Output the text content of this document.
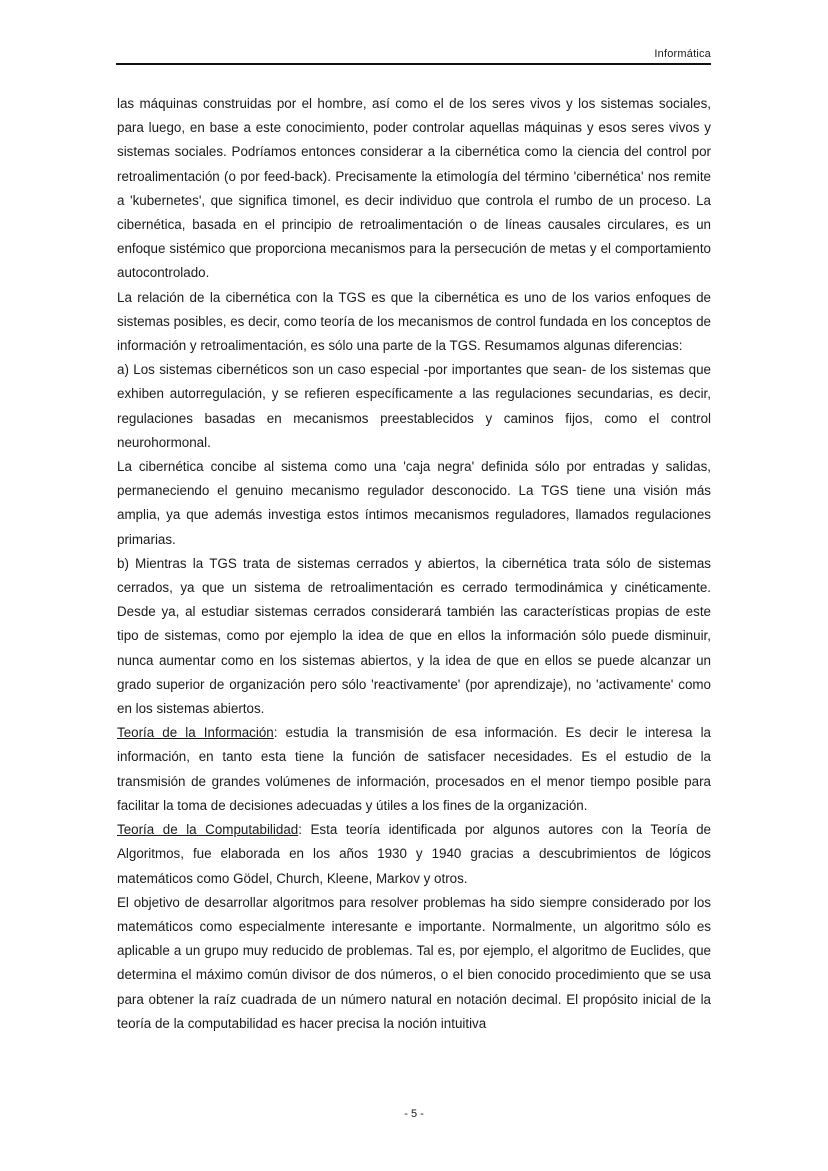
Informática

las máquinas construidas por el hombre, así como el de los seres vivos y los sistemas sociales, para luego, en base a este conocimiento, poder controlar aquellas máquinas y esos seres vivos y sistemas sociales. Podríamos entonces considerar a la cibernética como la ciencia del control por retroalimentación (o por feed-back). Precisamente la etimología del término 'cibernética' nos remite a 'kubernetes', que significa timonel, es decir individuo que controla el rumbo de un proceso. La cibernética, basada en el principio de retroalimentación o de líneas causales circulares, es un enfoque sistémico que proporciona mecanismos para la persecución de metas y el comportamiento autocontrolado.

La relación de la cibernética con la TGS es que la cibernética es uno de los varios enfoques de sistemas posibles, es decir, como teoría de los mecanismos de control fundada en los conceptos de información y retroalimentación, es sólo una parte de la TGS. Resumamos algunas diferencias:

a) Los sistemas cibernéticos son un caso especial -por importantes que sean- de los sistemas que exhiben autorregulación, y se refieren específicamente a las regulaciones secundarias, es decir, regulaciones basadas en mecanismos preestablecidos y caminos fijos, como el control neurohormonal.

La cibernética concibe al sistema como una 'caja negra' definida sólo por entradas y salidas, permaneciendo el genuino mecanismo regulador desconocido. La TGS tiene una visión más amplia, ya que además investiga estos íntimos mecanismos reguladores, llamados regulaciones primarias.

b) Mientras la TGS trata de sistemas cerrados y abiertos, la cibernética trata sólo de sistemas cerrados, ya que un sistema de retroalimentación es cerrado termodinámica y cinéticamente. Desde ya, al estudiar sistemas cerrados considerará también las características propias de este tipo de sistemas, como por ejemplo la idea de que en ellos la información sólo puede disminuir, nunca aumentar como en los sistemas abiertos, y la idea de que en ellos se puede alcanzar un grado superior de organización pero sólo 'reactivamente' (por aprendizaje), no 'activamente' como en los sistemas abiertos.

Teoría de la Información: estudia la transmisión de esa información. Es decir le interesa la información, en tanto esta tiene la función de satisfacer necesidades. Es el estudio de la transmisión de grandes volúmenes de información, procesados en el menor tiempo posible para facilitar la toma de decisiones adecuadas y útiles a los fines de la organización.

Teoría de la Computabilidad: Esta teoría identificada por algunos autores con la Teoría de Algoritmos, fue elaborada en los años 1930 y 1940 gracias a descubrimientos de lógicos matemáticos como Gödel, Church, Kleene, Markov y otros.

El objetivo de desarrollar algoritmos para resolver problemas ha sido siempre considerado por los matemáticos como especialmente interesante e importante. Normalmente, un algoritmo sólo es aplicable a un grupo muy reducido de problemas. Tal es, por ejemplo, el algoritmo de Euclides, que determina el máximo común divisor de dos números, o el bien conocido procedimiento que se usa para obtener la raíz cuadrada de un número natural en notación decimal. El propósito inicial de la teoría de la computabilidad es hacer precisa la noción intuitiva

- 5 -
